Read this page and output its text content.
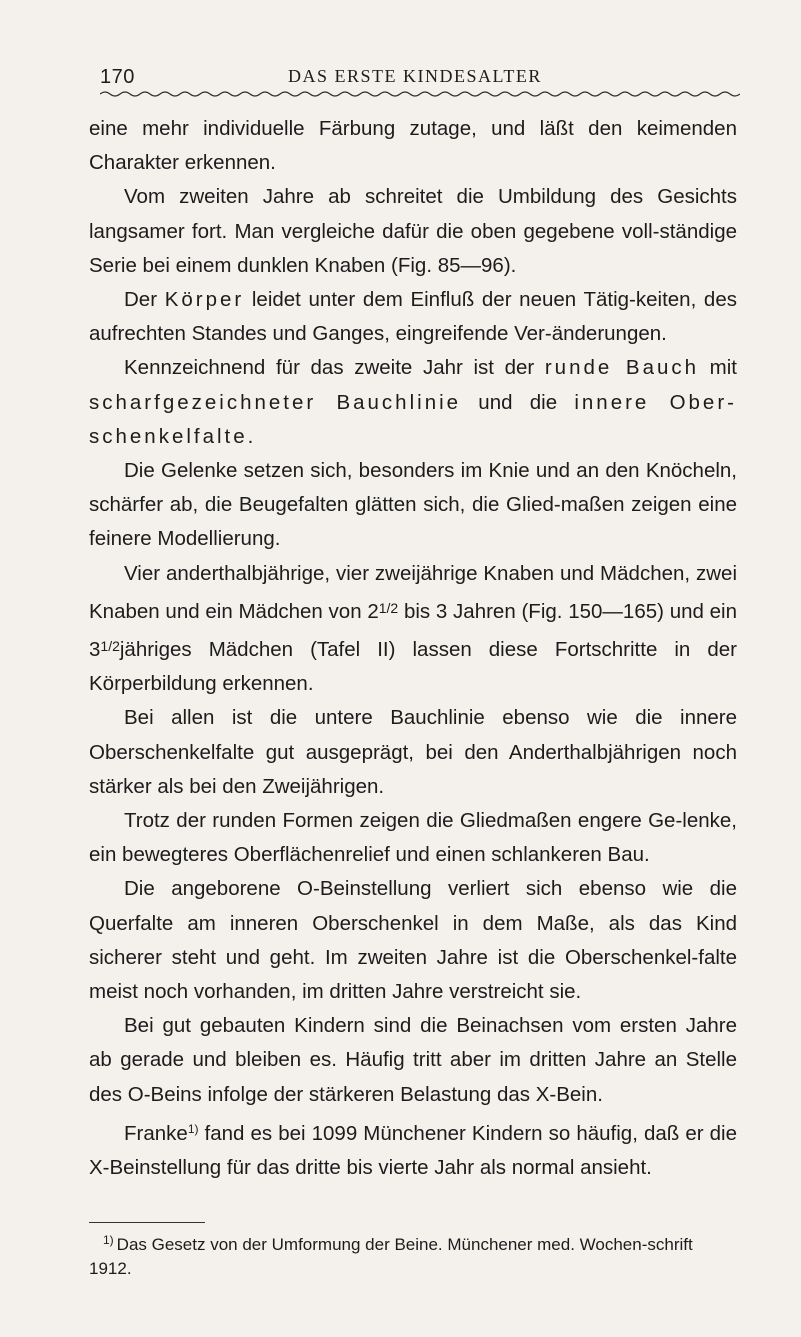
170	DAS ERSTE KINDESALTER

eine mehr individuelle Färbung zutage, und läßt den keimenden Charakter erkennen.

Vom zweiten Jahre ab schreitet die Umbildung des Gesichts langsamer fort. Man vergleiche dafür die oben gegebene voll-ständige Serie bei einem dunklen Knaben (Fig. 85—96).

Der Körper leidet unter dem Einfluß der neuen Tätig-keiten, des aufrechten Standes und Ganges, eingreifende Ver-änderungen.

Kennzeichnend für das zweite Jahr ist der runde Bauch mit scharfgezeichneter Bauchlinie und die innere Ober-schenkelfalte.

Die Gelenke setzen sich, besonders im Knie und an den Knöcheln, schärfer ab, die Beugefalten glätten sich, die Glied-maßen zeigen eine feinere Modellierung.

Vier anderthalbjährige, vier zweijährige Knaben und Mädchen, zwei Knaben und ein Mädchen von $2^{1/2}$ bis 3 Jahren (Fig. 150—165) und ein $3^{1/2}jähriges$ Mädchen (Tafel II) lassen diese Fortschritte in der Körperbildung erkennen.

Bei allen ist die untere Bauchlinie ebenso wie die innere Oberschenkelfalte gut ausgeprägt, bei den Anderthalbjährigen noch stärker als bei den Zweijährigen.

Trotz der runden Formen zeigen die Gliedmaßen engere Ge-lenke, ein bewegteres Oberflächenrelief und einen schlankeren Bau.

Die angeborene O-Beinstellung verliert sich ebenso wie die Querfalte am inneren Oberschenkel in dem Maße, als das Kind sicherer steht und geht. Im zweiten Jahre ist die Oberschenkel-falte meist noch vorhanden, im dritten Jahre verstreicht sie.

Bei gut gebauten Kindern sind die Beinachsen vom ersten Jahre ab gerade und bleiben es. Häufig tritt aber im dritten Jahre an Stelle des O-Beins infolge der stärkeren Belastung das X-Bein.

Franke$^{1)}$ fand es bei 1099 Münchener Kindern so häufig, daß er die X-Beinstellung für das dritte bis vierte Jahr als normal ansieht.

$^{1)}$ Das Gesetz von der Umformung der Beine. Münchener med. Wochen-schrift 1912.
